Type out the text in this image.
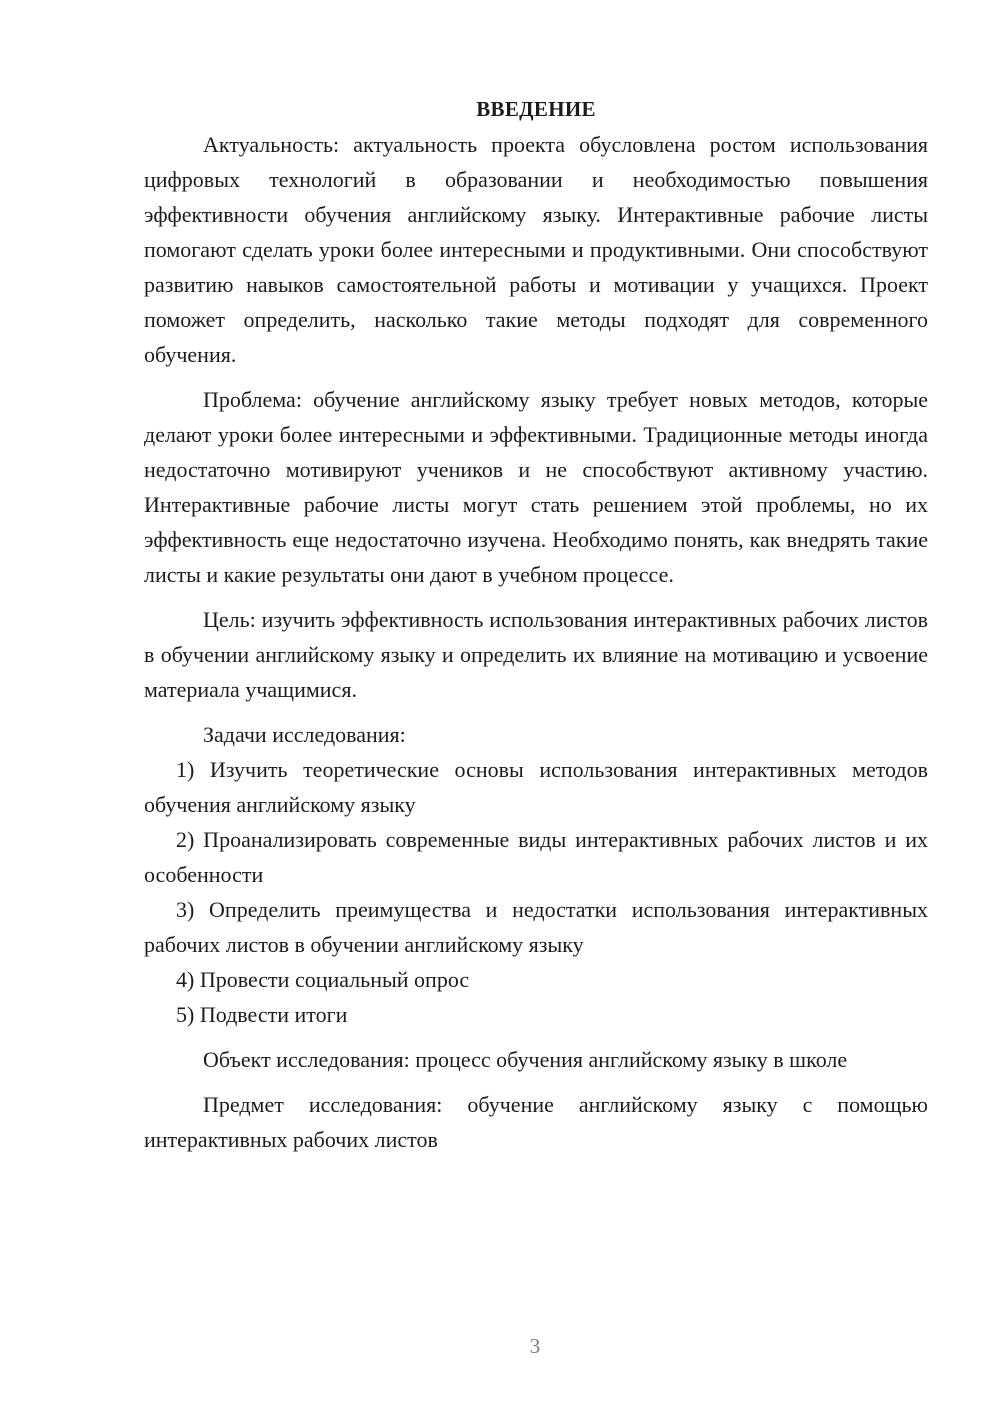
ВВЕДЕНИЕ

Актуальность: актуальность проекта обусловлена ростом использования цифровых технологий в образовании и необходимостью повышения эффективности обучения английскому языку. Интерактивные рабочие листы помогают сделать уроки более интересными и продуктивными. Они способствуют развитию навыков самостоятельной работы и мотивации у учащихся. Проект поможет определить, насколько такие методы подходят для современного обучения.

Проблема: обучение английскому языку требует новых методов, которые делают уроки более интересными и эффективными. Традиционные методы иногда недостаточно мотивируют учеников и не способствуют активному участию. Интерактивные рабочие листы могут стать решением этой проблемы, но их эффективность еще недостаточно изучена. Необходимо понять, как внедрять такие листы и какие результаты они дают в учебном процессе.

Цель: изучить эффективность использования интерактивных рабочих листов в обучении английскому языку и определить их влияние на мотивацию и усвоение материала учащимися.

Задачи исследования:

1) Изучить теоретические основы использования интерактивных методов обучения английскому языку

2) Проанализировать современные виды интерактивных рабочих листов и их особенности

3) Определить преимущества и недостатки использования интерактивных рабочих листов в обучении английскому языку

4) Провести социальный опрос

5) Подвести итоги

Объект исследования: процесс обучения английскому языку в школе

Предмет исследования: обучение английскому языку с помощью интерактивных рабочих листов

3
